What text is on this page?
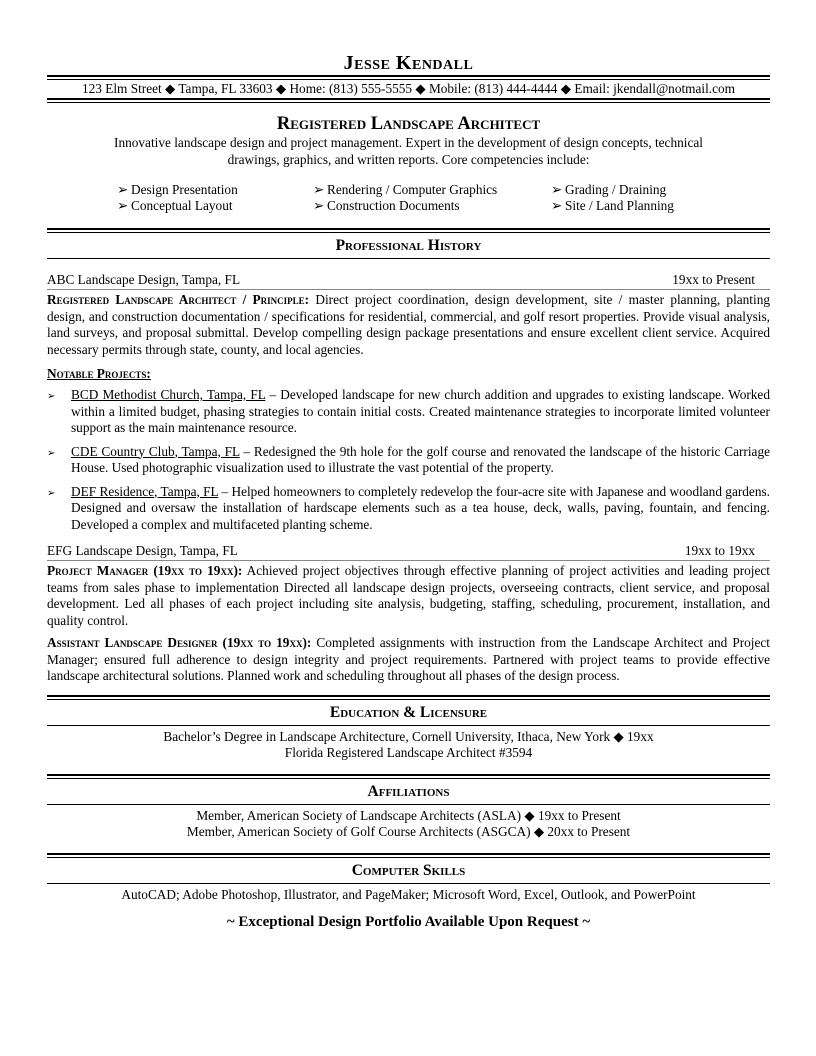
Jesse Kendall
123 Elm Street ◆ Tampa, FL 33603 ◆ Home: (813) 555-5555 ◆ Mobile: (813) 444-4444 ◆ Email: jkendall@notmail.com
Registered Landscape Architect
Innovative landscape design and project management. Expert in the development of design concepts, technical drawings, graphics, and written reports. Core competencies include:
➢ Design Presentation	➢ Rendering / Computer Graphics	➢ Grading / Draining
➢ Conceptual Layout	➢ Construction Documents	➢ Site / Land Planning
Professional History
ABC Landscape Design, Tampa, FL	19xx to Present
Registered Landscape Architect / Principle: Direct project coordination, design development, site / master planning, planting design, and construction documentation / specifications for residential, commercial, and golf resort properties. Provide visual analysis, land surveys, and proposal submittal. Develop compelling design package presentations and ensure excellent client service. Acquired necessary permits through state, county, and local agencies.
Notable Projects:
➢	BCD Methodist Church, Tampa, FL – Developed landscape for new church addition and upgrades to existing landscape. Worked within a limited budget, phasing strategies to contain initial costs. Created maintenance strategies to incorporate limited volunteer support as the main maintenance resource.
➢	CDE Country Club, Tampa, FL – Redesigned the 9th hole for the golf course and renovated the landscape of the historic Carriage House. Used photographic visualization used to illustrate the vast potential of the property.
➢	DEF Residence, Tampa, FL – Helped homeowners to completely redevelop the four-acre site with Japanese and woodland gardens. Designed and oversaw the installation of hardscape elements such as a tea house, deck, walls, paving, fountain, and fencing. Developed a complex and multifaceted planting scheme.
EFG Landscape Design, Tampa, FL	19xx to 19xx
Project Manager (19xx to 19xx): Achieved project objectives through effective planning of project activities and leading project teams from sales phase to implementation Directed all landscape design projects, overseeing contracts, client service, and proposal development. Led all phases of each project including site analysis, budgeting, staffing, scheduling, procurement, installation, and quality control.
Assistant Landscape Designer (19xx to 19xx): Completed assignments with instruction from the Landscape Architect and Project Manager; ensured full adherence to design integrity and project requirements. Partnered with project teams to provide effective landscape architectural solutions. Planned work and scheduling throughout all phases of the design process.
Education & Licensure
Bachelor’s Degree in Landscape Architecture, Cornell University, Ithaca, New York ◆ 19xx
Florida Registered Landscape Architect #3594
Affiliations
Member, American Society of Landscape Architects (ASLA) ◆ 19xx to Present
Member, American Society of Golf Course Architects (ASGCA) ◆ 20xx to Present
Computer Skills
AutoCAD; Adobe Photoshop, Illustrator, and PageMaker; Microsoft Word, Excel, Outlook, and PowerPoint
~ Exceptional Design Portfolio Available Upon Request ~
